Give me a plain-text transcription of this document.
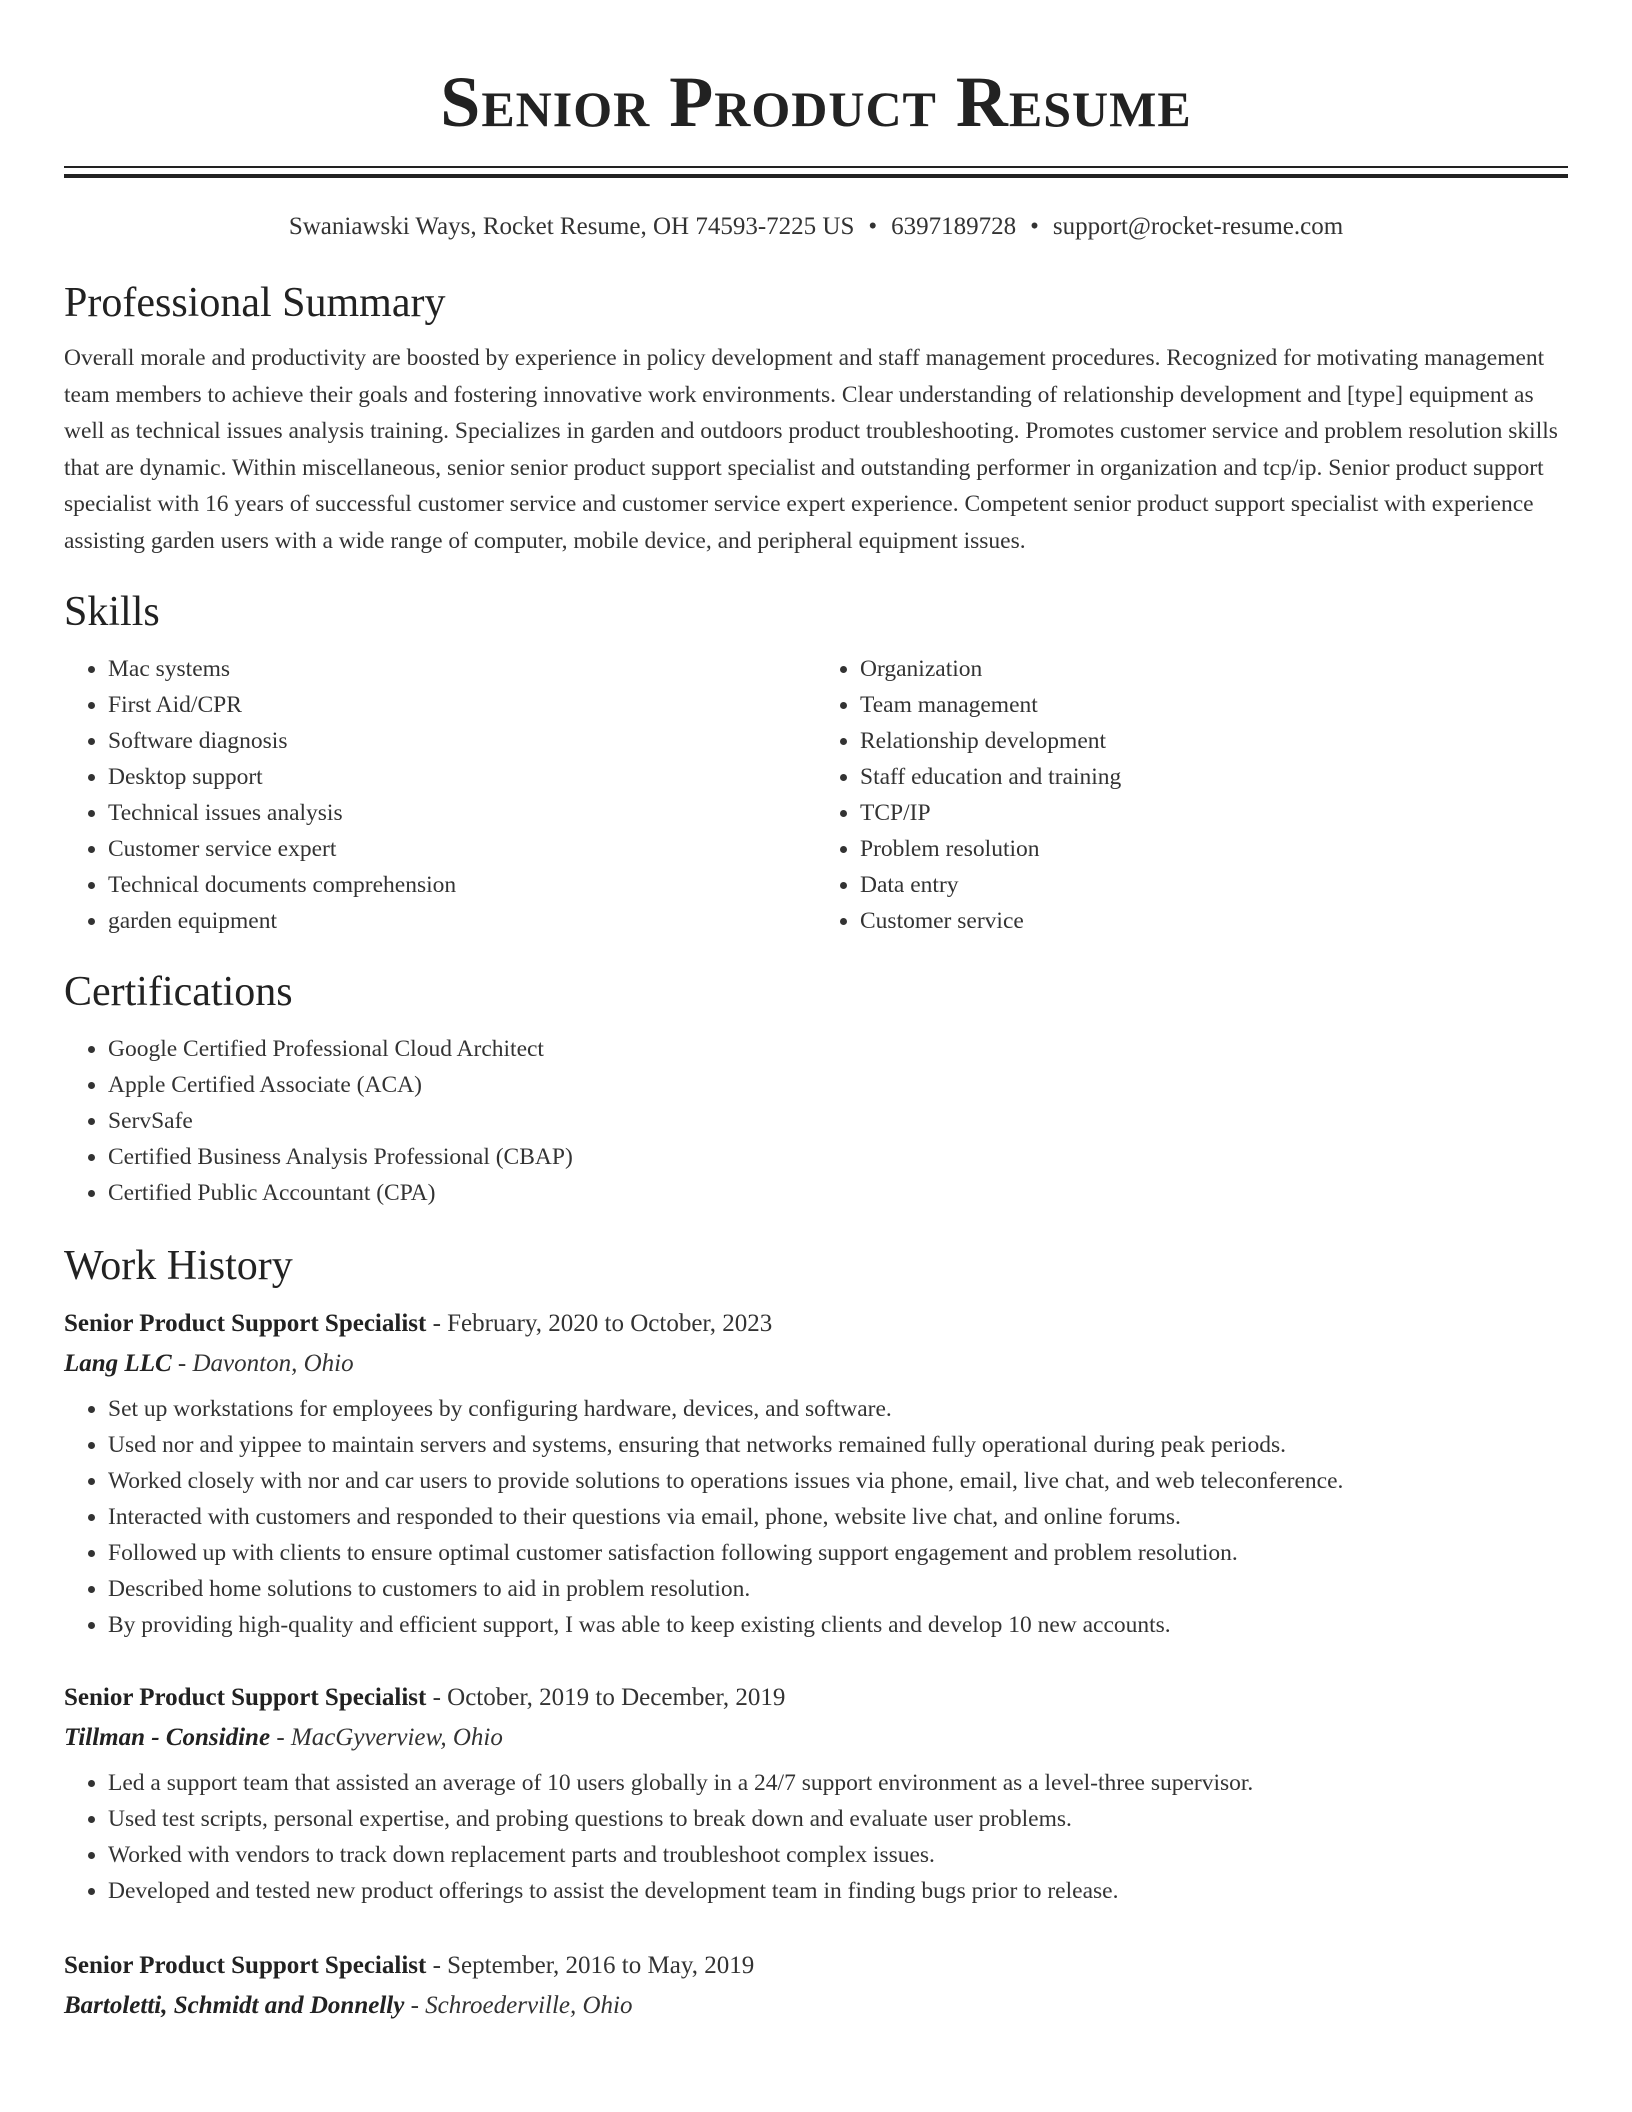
Senior Product Resume
Swaniawski Ways, Rocket Resume, OH 74593-7225 US • 6397189728 • support@rocket-resume.com
Professional Summary
Overall morale and productivity are boosted by experience in policy development and staff management procedures. Recognized for motivating management team members to achieve their goals and fostering innovative work environments. Clear understanding of relationship development and [type] equipment as well as technical issues analysis training. Specializes in garden and outdoors product troubleshooting. Promotes customer service and problem resolution skills that are dynamic. Within miscellaneous, senior senior product support specialist and outstanding performer in organization and tcp/ip. Senior product support specialist with 16 years of successful customer service and customer service expert experience. Competent senior product support specialist with experience assisting garden users with a wide range of computer, mobile device, and peripheral equipment issues.
Skills
• Mac systems
• First Aid/CPR
• Software diagnosis
• Desktop support
• Technical issues analysis
• Customer service expert
• Technical documents comprehension
• garden equipment
• Organization
• Team management
• Relationship development
• Staff education and training
• TCP/IP
• Problem resolution
• Data entry
• Customer service
Certifications
• Google Certified Professional Cloud Architect
• Apple Certified Associate (ACA)
• ServSafe
• Certified Business Analysis Professional (CBAP)
• Certified Public Accountant (CPA)
Work History
Senior Product Support Specialist - February, 2020 to October, 2023
Lang LLC - Davonton, Ohio
• Set up workstations for employees by configuring hardware, devices, and software.
• Used nor and yippee to maintain servers and systems, ensuring that networks remained fully operational during peak periods.
• Worked closely with nor and car users to provide solutions to operations issues via phone, email, live chat, and web teleconference.
• Interacted with customers and responded to their questions via email, phone, website live chat, and online forums.
• Followed up with clients to ensure optimal customer satisfaction following support engagement and problem resolution.
• Described home solutions to customers to aid in problem resolution.
• By providing high-quality and efficient support, I was able to keep existing clients and develop 10 new accounts.
Senior Product Support Specialist - October, 2019 to December, 2019
Tillman - Considine - MacGyverview, Ohio
• Led a support team that assisted an average of 10 users globally in a 24/7 support environment as a level-three supervisor.
• Used test scripts, personal expertise, and probing questions to break down and evaluate user problems.
• Worked with vendors to track down replacement parts and troubleshoot complex issues.
• Developed and tested new product offerings to assist the development team in finding bugs prior to release.
Senior Product Support Specialist - September, 2016 to May, 2019
Bartoletti, Schmidt and Donnelly - Schroederville, Ohio
